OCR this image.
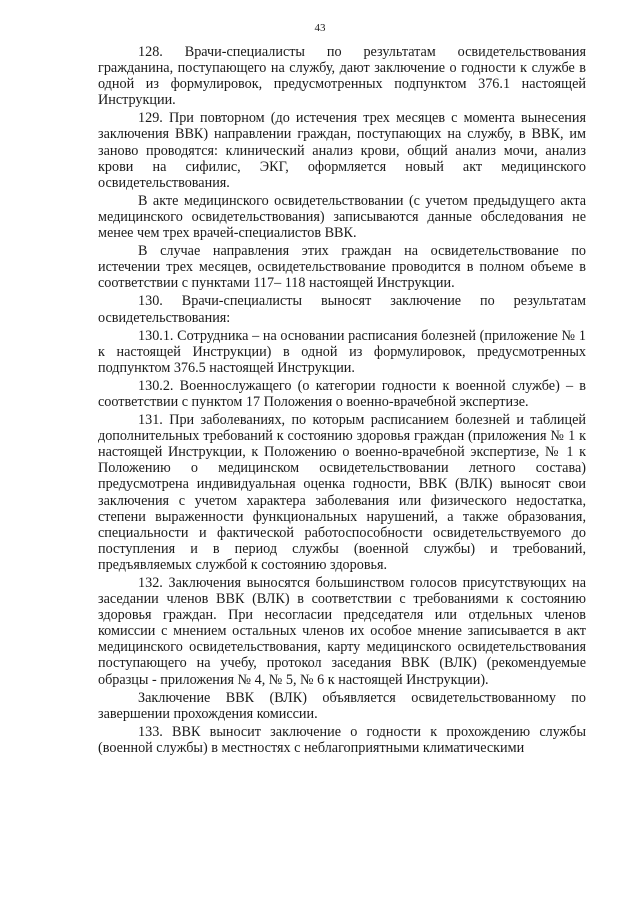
43

128. Врачи-специалисты по результатам освидетельствования гражданина, поступающего на службу, дают заключение о годности к службе в одной из формулировок, предусмотренных подпунктом 376.1 настоящей Инструкции.

129. При повторном (до истечения трех месяцев с момента вынесения заключения ВВК) направлении граждан, поступающих на службу, в ВВК, им заново проводятся: клинический анализ крови, общий анализ мочи, анализ крови на сифилис, ЭКГ, оформляется новый акт медицинского освидетельствования.

В акте медицинского освидетельствовании (с учетом предыдущего акта медицинского освидетельствования) записываются данные обследования не менее чем трех врачей-специалистов ВВК.

В случае направления этих граждан на освидетельствование по истечении трех месяцев, освидетельствование проводится в полном объеме в соответствии с пунктами 117– 118 настоящей Инструкции.

130. Врачи-специалисты выносят заключение по результатам освидетельствования:

130.1. Сотрудника – на основании расписания болезней (приложение № 1 к настоящей Инструкции) в одной из формулировок, предусмотренных подпунктом 376.5 настоящей Инструкции.

130.2. Военнослужащего (о категории годности к военной службе) – в соответствии с пунктом 17 Положения о военно-врачебной экспертизе.

131. При заболеваниях, по которым расписанием болезней и таблицей дополнительных требований к состоянию здоровья граждан (приложения № 1 к настоящей Инструкции, к Положению о военно-врачебной экспертизе, № 1 к Положению о медицинском освидетельствовании летного состава) предусмотрена индивидуальная оценка годности, ВВК (ВЛК) выносят свои заключения с учетом характера заболевания или физического недостатка, степени выраженности функциональных нарушений, а также образования, специальности и фактической работоспособности освидетельствуемого до поступления и в период службы (военной службы) и требований, предъявляемых службой к состоянию здоровья.

132. Заключения выносятся большинством голосов присутствующих на заседании членов ВВК (ВЛК) в соответствии с требованиями к состоянию здоровья граждан. При несогласии председателя или отдельных членов комиссии с мнением остальных членов их особое мнение записывается в акт медицинского освидетельствования, карту медицинского освидетельствования поступающего на учебу, протокол заседания ВВК (ВЛК) (рекомендуемые образцы - приложения № 4, № 5, № 6 к настоящей Инструкции).

Заключение ВВК (ВЛК) объявляется освидетельствованному по завершении прохождения комиссии.

133. ВВК выносит заключение о годности к прохождению службы (военной службы) в местностях с неблагоприятными климатическими
